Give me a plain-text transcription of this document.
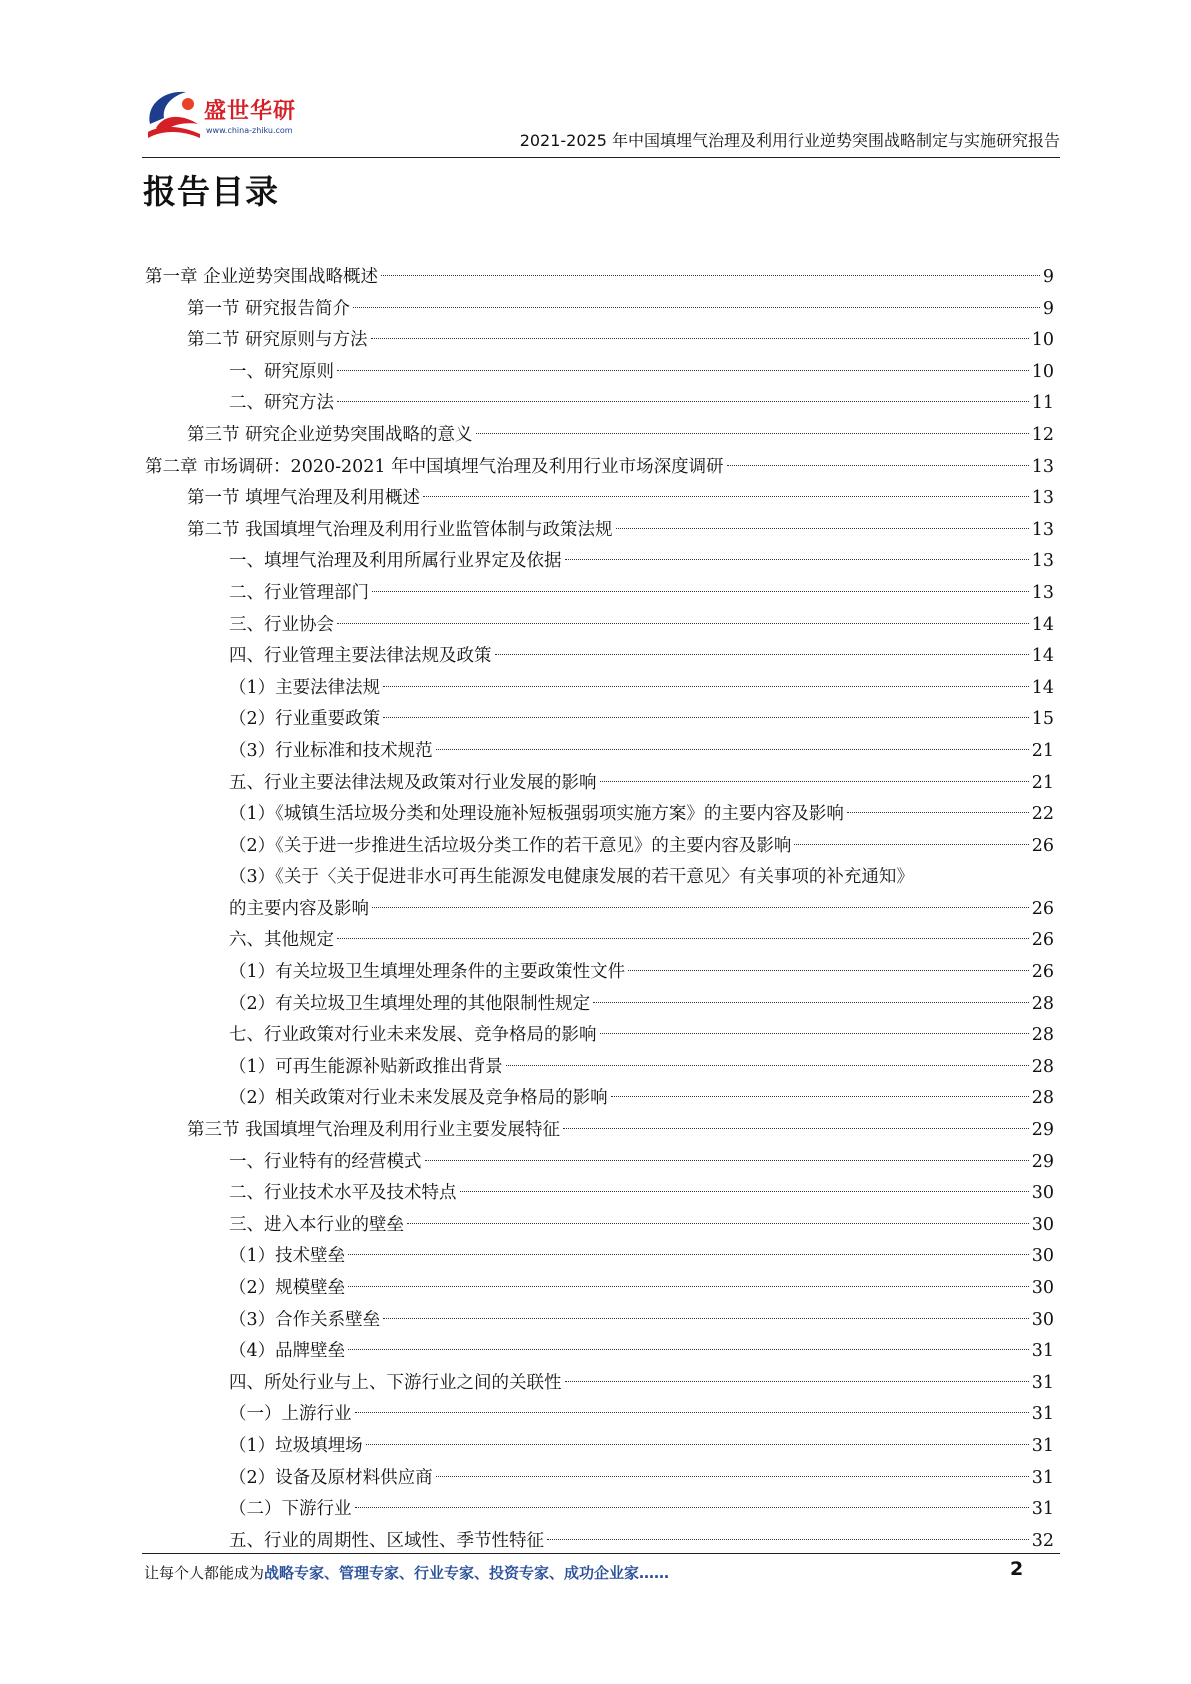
盛世华研
www.china-zhiku.com
2021-2025 年中国填埋气治理及利用行业逆势突围战略制定与实施研究报告
报告目录
第一章 企业逆势突围战略概述	9
第一节 研究报告简介	9
第二节 研究原则与方法	10
一、研究原则	10
二、研究方法	11
第三节 研究企业逆势突围战略的意义	12
第二章 市场调研：2020-2021 年中国填埋气治理及利用行业市场深度调研	13
第一节 填埋气治理及利用概述	13
第二节 我国填埋气治理及利用行业监管体制与政策法规	13
一、填埋气治理及利用所属行业界定及依据	13
二、行业管理部门	13
三、行业协会	14
四、行业管理主要法律法规及政策	14
（1）主要法律法规	14
（2）行业重要政策	15
（3）行业标准和技术规范	21
五、行业主要法律法规及政策对行业发展的影响	21
（1）《城镇生活垃圾分类和处理设施补短板强弱项实施方案》的主要内容及影响	22
（2）《关于进一步推进生活垃圾分类工作的若干意见》的主要内容及影响	26
（3）《关于〈关于促进非水可再生能源发电健康发展的若干意见〉有关事项的补充通知》
的主要内容及影响	26
六、其他规定	26
（1）有关垃圾卫生填埋处理条件的主要政策性文件	26
（2）有关垃圾卫生填埋处理的其他限制性规定	28
七、行业政策对行业未来发展、竞争格局的影响	28
（1）可再生能源补贴新政推出背景	28
（2）相关政策对行业未来发展及竞争格局的影响	28
第三节 我国填埋气治理及利用行业主要发展特征	29
一、行业特有的经营模式	29
二、行业技术水平及技术特点	30
三、进入本行业的壁垒	30
（1）技术壁垒	30
（2）规模壁垒	30
（3）合作关系壁垒	30
（4）品牌壁垒	31
四、所处行业与上、下游行业之间的关联性	31
（一）上游行业	31
（1）垃圾填埋场	31
（2）设备及原材料供应商	31
（二）下游行业	31
五、行业的周期性、区域性、季节性特征	32
让每个人都能成为战略专家、管理专家、行业专家、投资专家、成功企业家……	2
